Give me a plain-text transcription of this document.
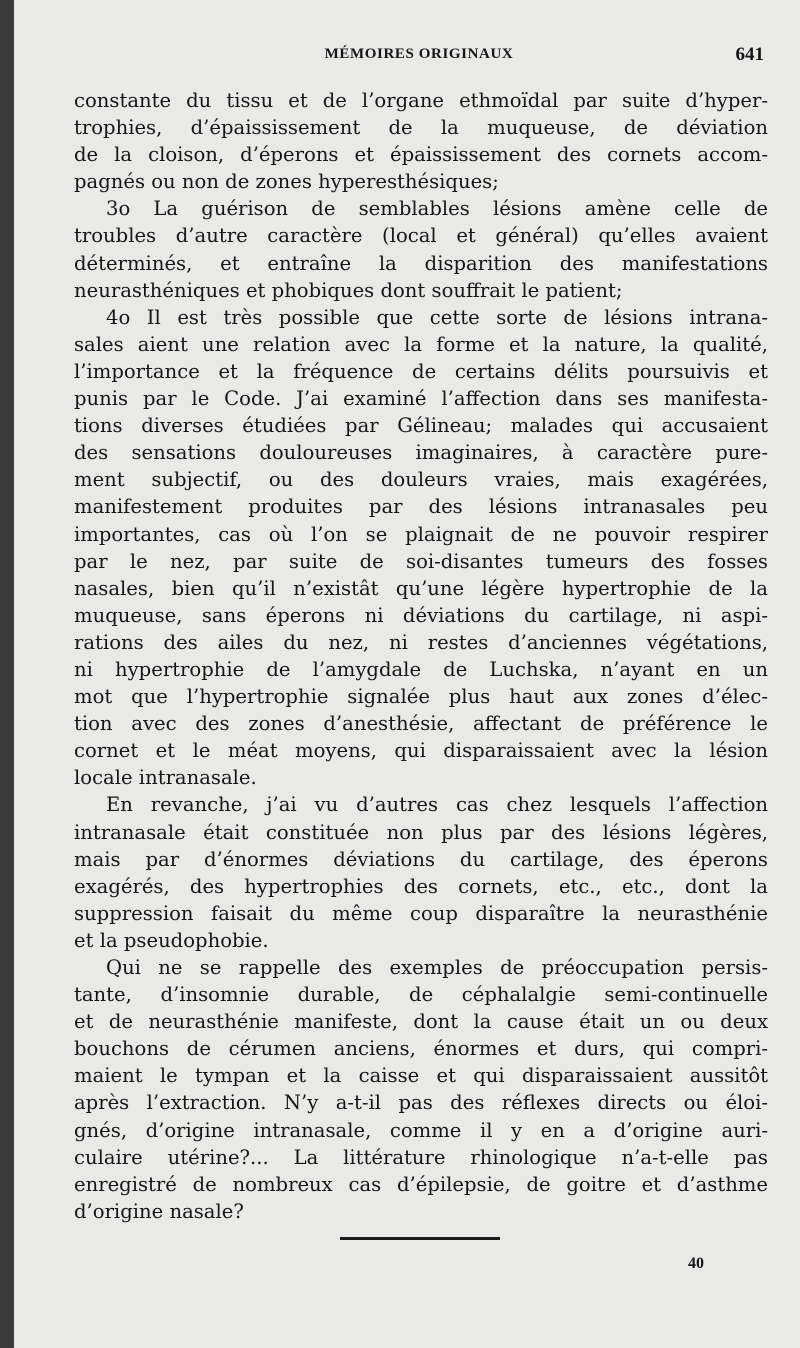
MÉMOIRES ORIGINAUX	641
constante du tissu et de l’organe ethmoïdal par suite d’hyper-
trophies, d’épaississement de la muqueuse, de déviation
de la cloison, d’éperons et épaississement des cornets accom-
pagnés ou non de zones hyperesthésiques;
3o La guérison de semblables lésions amène celle de
troubles d’autre caractère (local et général) qu’elles avaient
déterminés, et entraîne la disparition des manifestations
neurasthéniques et phobiques dont souffrait le patient;
4o Il est très possible que cette sorte de lésions intrana-
sales aient une relation avec la forme et la nature, la qualité,
l’importance et la fréquence de certains délits poursuivis et
punis par le Code. J’ai examiné l’affection dans ses manifesta-
tions diverses étudiées par Gélineau; malades qui accusaient
des sensations douloureuses imaginaires, à caractère pure-
ment subjectif, ou des douleurs vraies, mais exagérées,
manifestement produites par des lésions intranasales peu
importantes, cas où l’on se plaignait de ne pouvoir respirer
par le nez, par suite de soi-disantes tumeurs des fosses
nasales, bien qu’il n’existât qu’une légère hypertrophie de la
muqueuse, sans éperons ni déviations du cartilage, ni aspi-
rations des ailes du nez, ni restes d’anciennes végétations,
ni hypertrophie de l’amygdale de Luchska, n’ayant en un
mot que l’hypertrophie signalée plus haut aux zones d’élec-
tion avec des zones d’anesthésie, affectant de préférence le
cornet et le méat moyens, qui disparaissaient avec la lésion
locale intranasale.
En revanche, j’ai vu d’autres cas chez lesquels l’affection
intranasale était constituée non plus par des lésions légères,
mais par d’énormes déviations du cartilage, des éperons
exagérés, des hypertrophies des cornets, etc., etc., dont la
suppression faisait du même coup disparaître la neurasthénie
et la pseudophobie.
Qui ne se rappelle des exemples de préoccupation persis-
tante, d’insomnie durable, de céphalalgie semi-continuelle
et de neurasthénie manifeste, dont la cause était un ou deux
bouchons de cérumen anciens, énormes et durs, qui compri-
maient le tympan et la caisse et qui disparaissaient aussitôt
après l’extraction. N’y a-t-il pas des réflexes directs ou éloi-
gnés, d’origine intranasale, comme il y en a d’origine auri-
culaire utérine?... La littérature rhinologique n’a-t-elle pas
enregistré de nombreux cas d’épilepsie, de goitre et d’asthme
d’origine nasale?
40
